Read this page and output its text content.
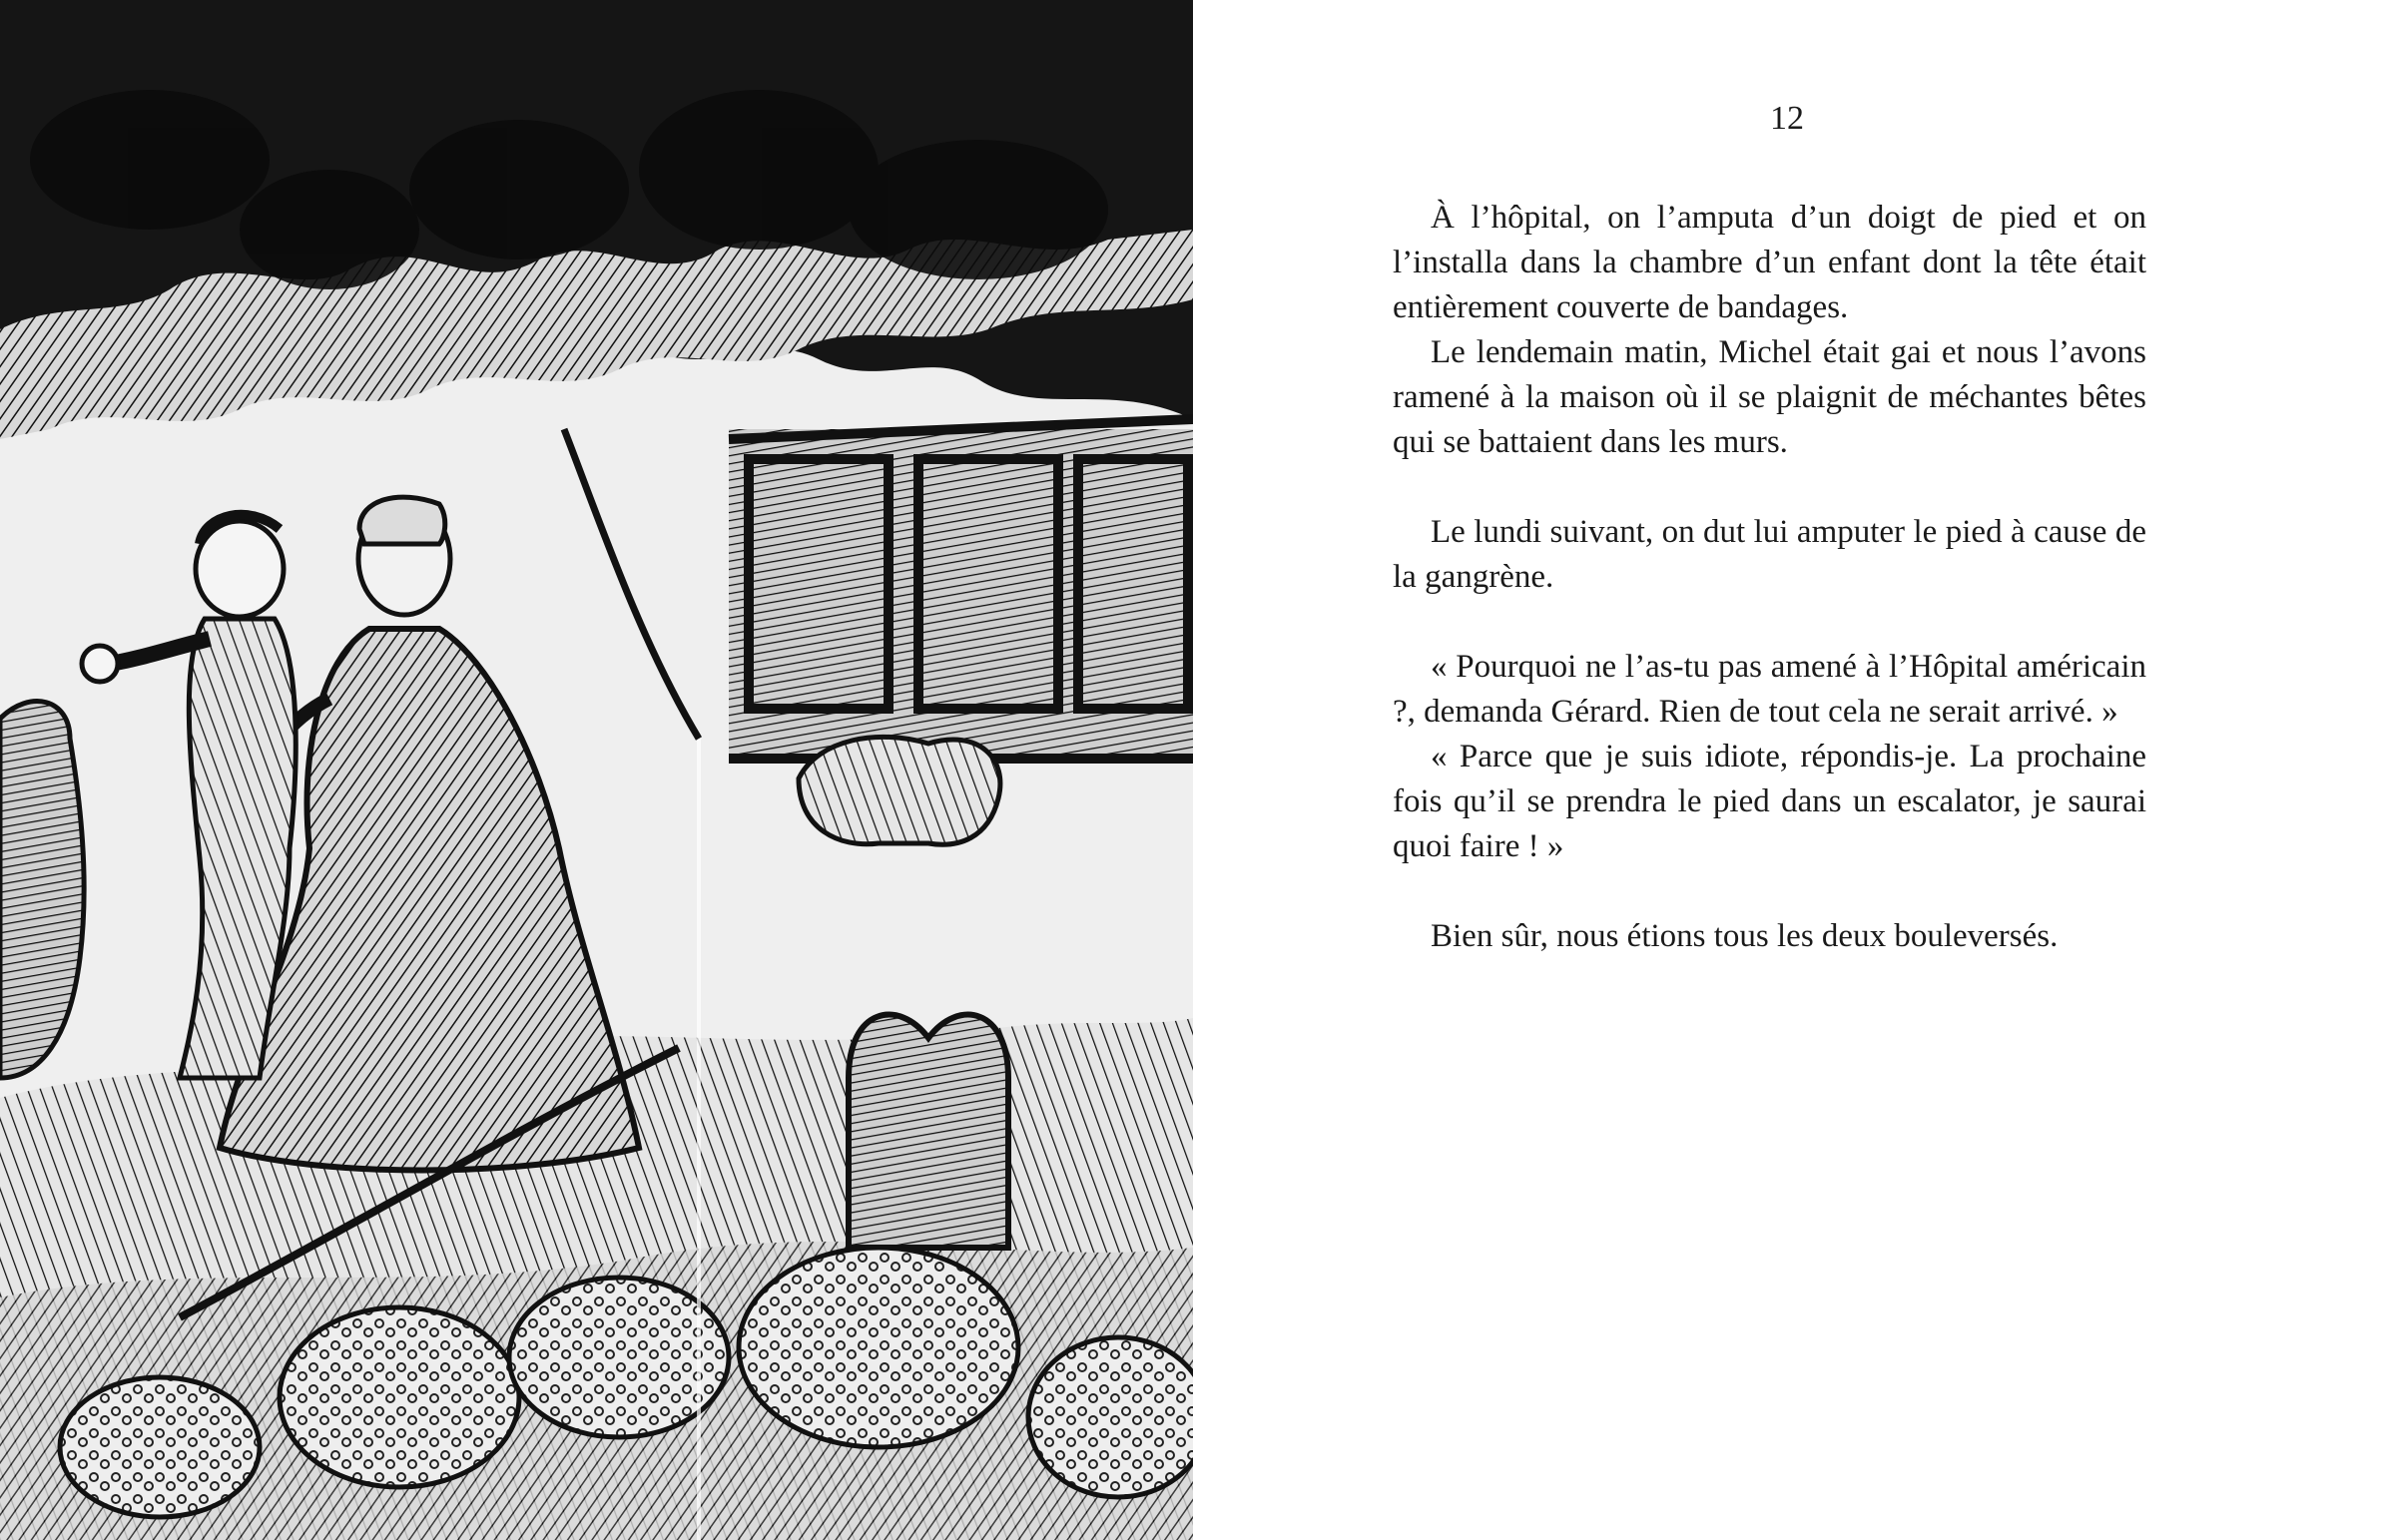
12

À l’hôpital, on l’amputa d’un doigt de pied et on l’installa dans la chambre d’un enfant dont la tête était entièrement couverte de bandages.

Le lendemain matin, Michel était gai et nous l’avons ramené à la maison où il se plaignit de méchantes bêtes qui se battaient dans les murs.

Le lundi suivant, on dut lui amputer le pied à cause de la gangrène.

« Pourquoi ne l’as-tu pas amené à l’Hôpital américain ?, demanda Gérard. Rien de tout cela ne serait arrivé. »

« Parce que je suis idiote, répondis-je. La prochaine fois qu’il se prendra le pied dans un escalator, je saurai quoi faire ! »

Bien sûr, nous étions tous les deux bouleversés.
